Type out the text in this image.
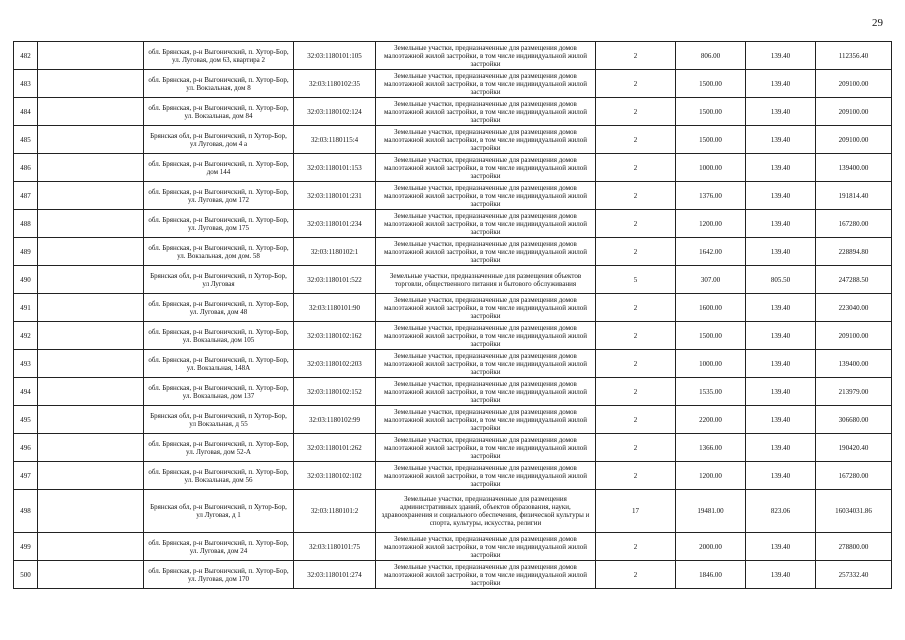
29
482		обл. Брянская, р-н Выгоничский, п. Хутор-Бор, ул. Луговая, дом 63, квартира 2	32:03:1180101:105	Земельные участки, предназначенные для размещения домов малоэтажной жилой застройки, в том числе индивидуальной жилой застройки	2	806.00	139.40	112356.40
483		обл. Брянская, р-н Выгоничский, п. Хутор-Бор, ул. Вокзальная, дом 8	32:03:1180102:35	Земельные участки, предназначенные для размещения домов малоэтажной жилой застройки, в том числе индивидуальной жилой застройки	2	1500.00	139.40	209100.00
484		обл. Брянская, р-н Выгоничский, п. Хутор-Бор, ул. Вокзальная, дом 84	32:03:1180102:124	Земельные участки, предназначенные для размещения домов малоэтажной жилой застройки, в том числе индивидуальной жилой застройки	2	1500.00	139.40	209100.00
485		Брянская обл, р-н Выгоничский, п Хутор-Бор, ул Луговая, дом 4 а	32:03:1180115:4	Земельные участки, предназначенные для размещения домов малоэтажной жилой застройки, в том числе индивидуальной жилой застройки	2	1500.00	139.40	209100.00
486		обл. Брянская, р-н Выгоничский, п. Хутор-Бор, дом 144	32:03:1180101:153	Земельные участки, предназначенные для размещения домов малоэтажной жилой застройки, в том числе индивидуальной жилой застройки	2	1000.00	139.40	139400.00
487		обл. Брянская, р-н Выгоничский, п. Хутор-Бор, ул. Луговая, дом 172	32:03:1180101:231	Земельные участки, предназначенные для размещения домов малоэтажной жилой застройки, в том числе индивидуальной жилой застройки	2	1376.00	139.40	191814.40
488		обл. Брянская, р-н Выгоничский, п. Хутор-Бор, ул. Луговая, дом 175	32:03:1180101:234	Земельные участки, предназначенные для размещения домов малоэтажной жилой застройки, в том числе индивидуальной жилой застройки	2	1200.00	139.40	167280.00
489		обл. Брянская, р-н Выгоничский, п. Хутор-Бор, ул. Вокзальная, дом дом. 58	32:03:1180102:1	Земельные участки, предназначенные для размещения домов малоэтажной жилой застройки, в том числе индивидуальной жилой застройки	2	1642.00	139.40	228894.80
490		Брянская обл, р-н Выгоничский, п Хутор-Бор, ул Луговая	32:03:1180101:522	Земельные участки, предназначенные для размещения объектов торговли, общественного питания и бытового обслуживания	5	307.00	805.50	247288.50
491		обл. Брянская, р-н Выгоничский, п. Хутор-Бор, ул. Луговая, дом 48	32:03:1180101:90	Земельные участки, предназначенные для размещения домов малоэтажной жилой застройки, в том числе индивидуальной жилой застройки	2	1600.00	139.40	223040.00
492		обл. Брянская, р-н Выгоничский, п. Хутор-Бор, ул. Вокзальная, дом 105	32:03:1180102:162	Земельные участки, предназначенные для размещения домов малоэтажной жилой застройки, в том числе индивидуальной жилой застройки	2	1500.00	139.40	209100.00
493		обл. Брянская, р-н Выгоничский, п. Хутор-Бор, ул. Вокзальная, 148А	32:03:1180102:203	Земельные участки, предназначенные для размещения домов малоэтажной жилой застройки, в том числе индивидуальной жилой застройки	2	1000.00	139.40	139400.00
494		обл. Брянская, р-н Выгоничский, п. Хутор-Бор, ул. Вокзальная, дом 137	32:03:1180102:152	Земельные участки, предназначенные для размещения домов малоэтажной жилой застройки, в том числе индивидуальной жилой застройки	2	1535.00	139.40	213979.00
495		Брянская обл, р-н Выгоничский, п Хутор-Бор, ул Вокзальная, д 55	32:03:1180102:99	Земельные участки, предназначенные для размещения домов малоэтажной жилой застройки, в том числе индивидуальной жилой застройки	2	2200.00	139.40	306680.00
496		обл. Брянская, р-н Выгоничский, п. Хутор-Бор, ул. Луговая, дом 52-А	32:03:1180101:262	Земельные участки, предназначенные для размещения домов малоэтажной жилой застройки, в том числе индивидуальной жилой застройки	2	1366.00	139.40	190420.40
497		обл. Брянская, р-н Выгоничский, п. Хутор-Бор, ул. Вокзальная, дом 56	32:03:1180102:102	Земельные участки, предназначенные для размещения домов малоэтажной жилой застройки, в том числе индивидуальной жилой застройки	2	1200.00	139.40	167280.00
498		Брянская обл, р-н Выгоничский, п Хутор-Бор, ул Луговая, д 1	32:03:1180101:2	Земельные участки, предназначенные для размещения административных зданий, объектов образования, науки, здравоохранения и социального обеспечения, физической культуры и спорта, культуры, искусства, религии	17	19481.00	823.06	16034031.86
499		обл. Брянская, р-н Выгоничский, п. Хутор-Бор, ул. Луговая, дом 24	32:03:1180101:75	Земельные участки, предназначенные для размещения домов малоэтажной жилой застройки, в том числе индивидуальной жилой застройки	2	2000.00	139.40	278800.00
500		обл. Брянская, р-н Выгоничский, п. Хутор-Бор, ул. Луговая, дом 170	32:03:1180101:274	Земельные участки, предназначенные для размещения домов малоэтажной жилой застройки, в том числе индивидуальной жилой застройки	2	1846.00	139.40	257332.40
